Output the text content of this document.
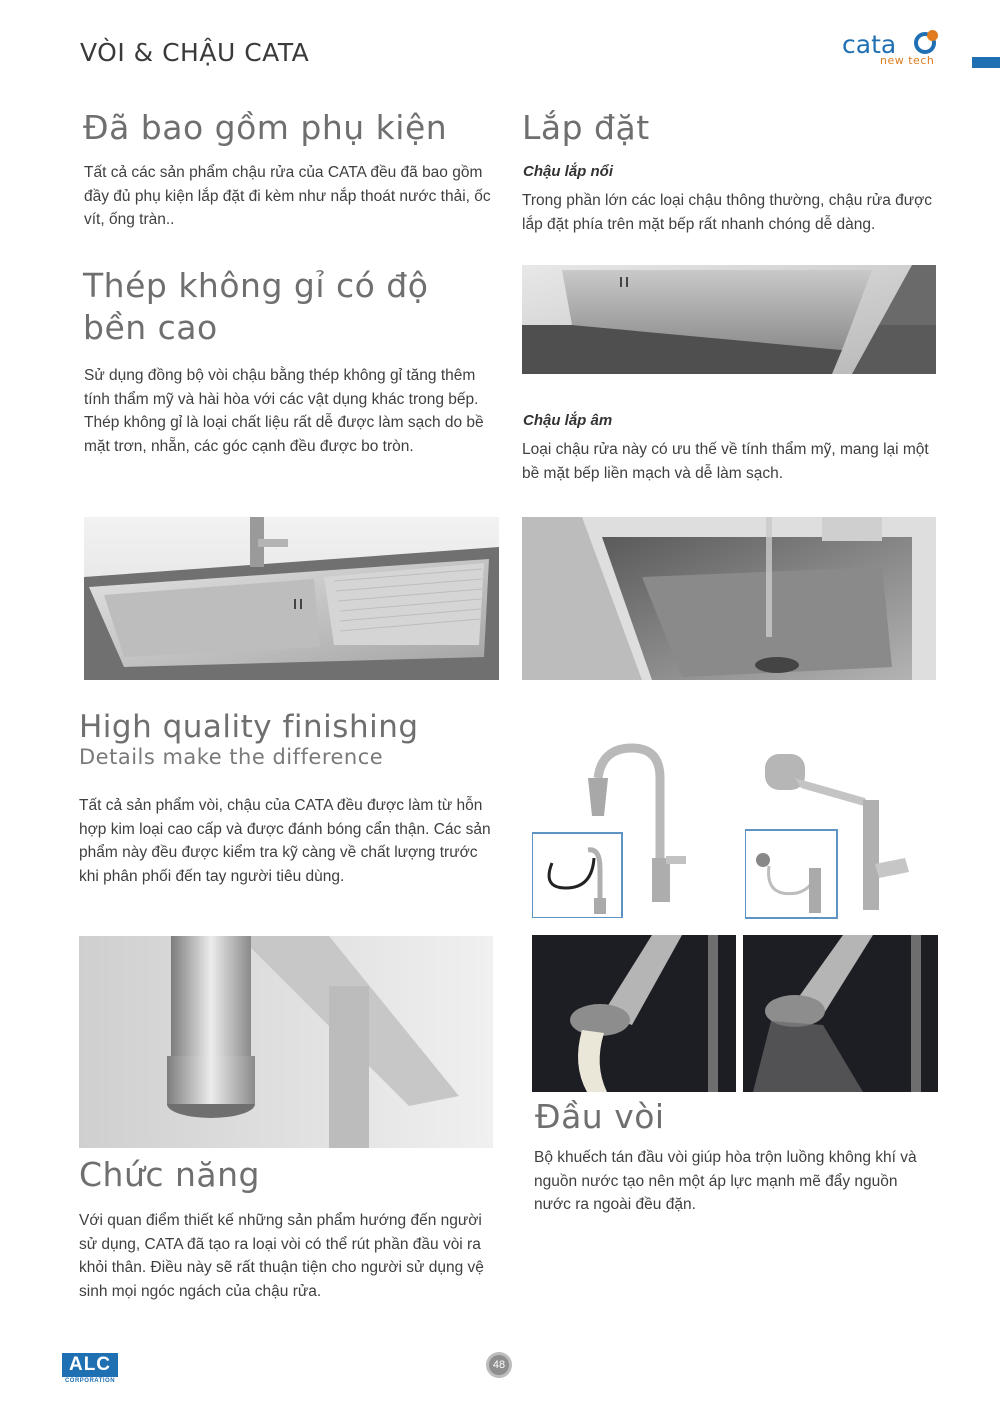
VÒI & CHẬU CATA	cata
new tech
Đã bao gồm phụ kiện

Tất cả các sản phẩm chậu rửa của CATA đều đã bao gồm đầy đủ phụ kiện lắp đặt đi kèm như nắp thoát nước thải, ốc vít, ống tràn..

Lắp đặt

Chậu lắp nổi

Trong phần lớn các loại chậu thông thường, chậu rửa được lắp đặt phía trên mặt bếp rất nhanh chóng dễ dàng.

Chậu lắp âm

Loại chậu rửa này có ưu thế về tính thẩm mỹ, mang lại một bề mặt bếp liền mạch và dễ làm sạch.

Thép không gỉ có độ
bền cao

Sử dụng đồng bộ vòi chậu bằng thép không gỉ tăng thêm tính thẩm mỹ và hài hòa với các vật dụng khác trong bếp. Thép không gỉ là loại chất liệu rất dễ được làm sạch do bề mặt trơn, nhẵn, các góc cạnh đều được bo tròn.

High quality finishing

Details make the difference

Tất cả sản phẩm vòi, chậu của CATA đều được làm từ hỗn hợp kim loại cao cấp và được đánh bóng cẩn thận. Các sản phẩm này đều được kiểm tra kỹ càng về chất lượng trước khi phân phối đến tay người tiêu dùng.

Chức năng

Với quan điểm thiết kế những sản phẩm hướng đến người sử dụng, CATA đã tạo ra loại vòi có thể rút phần đầu vòi ra khỏi thân. Điều này sẽ rất thuận tiện cho người sử dụng vệ sinh mọi ngóc ngách của chậu rửa.

Đầu vòi

Bộ khuếch tán đầu vòi giúp hòa trộn luồng không khí và nguồn nước tạo nên một áp lực mạnh mẽ đẩy nguồn nước ra ngoài đều đặn.

ALC
CORPORATION
48
